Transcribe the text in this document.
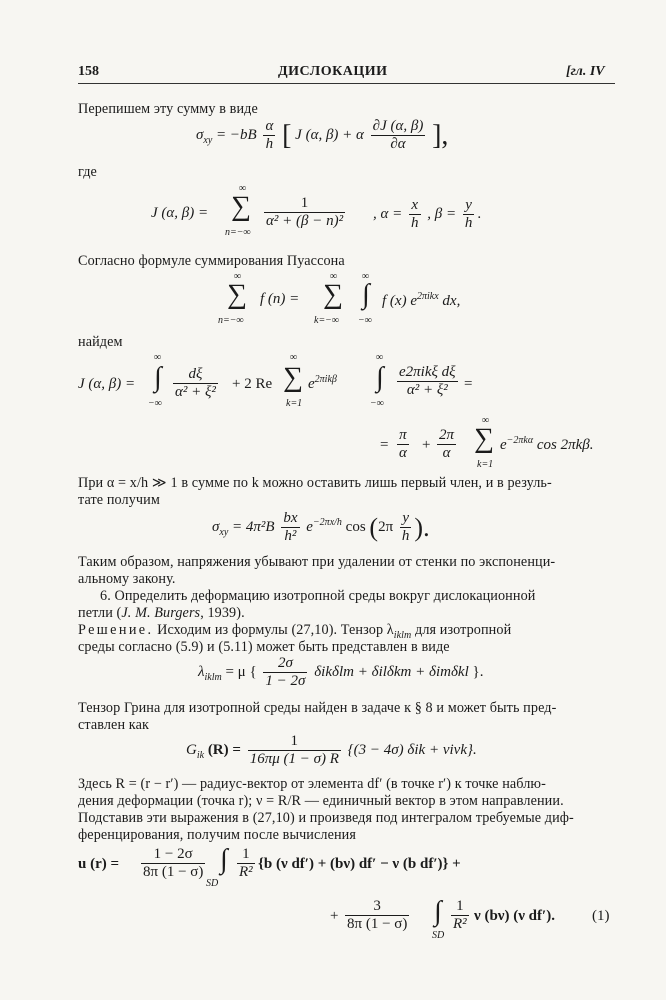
158	ДИСЛОКАЦИИ	[гл. IV
Перепишем эту сумму в виде
$\sigma_{xy} = -bB \frac{\alpha}{h}$ [ J (α, β) + α $\frac{\partial J (\alpha, \beta)}{\partial\alpha}$ ],
где
J (α, β) =
∞
∑
n=−∞
$\frac{1}{\text{α² + (β − n)²}}$ , $\alpha = \frac{x}{h}$ , $\beta = \frac{y}{h}$ .
Согласно формуле суммирования Пуассона
∞
∑
n=−∞
f (n) =
∞
∑
k=−∞
∞
∫
−∞
f (x) $e^{2\pi ikx}$ dx,
найдем
J (α, β) =
∞
∫
−∞
$\frac{d\xi}{\text{α² + ξ²}} + 2$ Re
∞
∑
k=1
$e^{2\pi ik\beta}$
∞
∫
−∞
$\frac{\text{e2πikξ dξ}}{\text{α² + ξ²}}$ =
= $\frac{\pi}{\alpha} + \frac{2\pi}{\alpha}$
∞
∑
k=1
$e^{-2\pi k\alpha}$ cos 2πkβ.
При α = x/h ≫ 1 в сумме по k можно оставить лишь первый член, и в резуль-
тате получим
$\sigma_{xy} = 4\pi^2B \frac{bx}{\text{h²}} e^{-2\pi x/h}$ $\cos (2\pi \frac{y}{h}$ ).
Таким образом, напряжения убывают при удалении от стенки по экспоненци-
альному закону.
6. Определить деформацию изотропной среды вокруг дислокационной
петли (J. M. Burgers, 1939).
Решение. Исходим из формулы (27,10). Тензор $\lambda_{iklm}$ для изотропной
среды согласно (5.9) и (5.11) может быть представлен в виде
$\lambda_{iklm} = \mu$ { $\frac{2\sigma}{1 - 2\sigma}$ δikδlm + δilδkm + δimδkl }.
Тензор Грина для изотропной среды найден в задаче к § 8 и может быть пред-
ставлен как
$G_{ik}$ $(R) = \frac{1}{16\pi\mu (1 - \sigma) R} \{(3 - 4\sigma) \delta ik + \nu i\nu k\}$.
Здесь R = (r − r′) — радиус-вектор от элемента df′ (в точке r′) к точке наблю-
дения деформации (точка r); ν = R/R — единичный вектор в этом направлении.
Подставив эти выражения в (27,10) и произведя под интегралом требуемые диф-
ференцирования, получим после вычисления
u $(r) = \frac{1 - 2\sigma}{8\pi (1 - \sigma)}$ ∫
SD
$\frac{1}{\text{R²}} \{b$ (ν df′) + (bν) df′ − ν (b df′)} +
+ $\frac{3}{8\pi (1 - \sigma)}$ ∫
SD
$\frac{1}{\text{R²}}$ ν (bν) (ν df′). (1)
